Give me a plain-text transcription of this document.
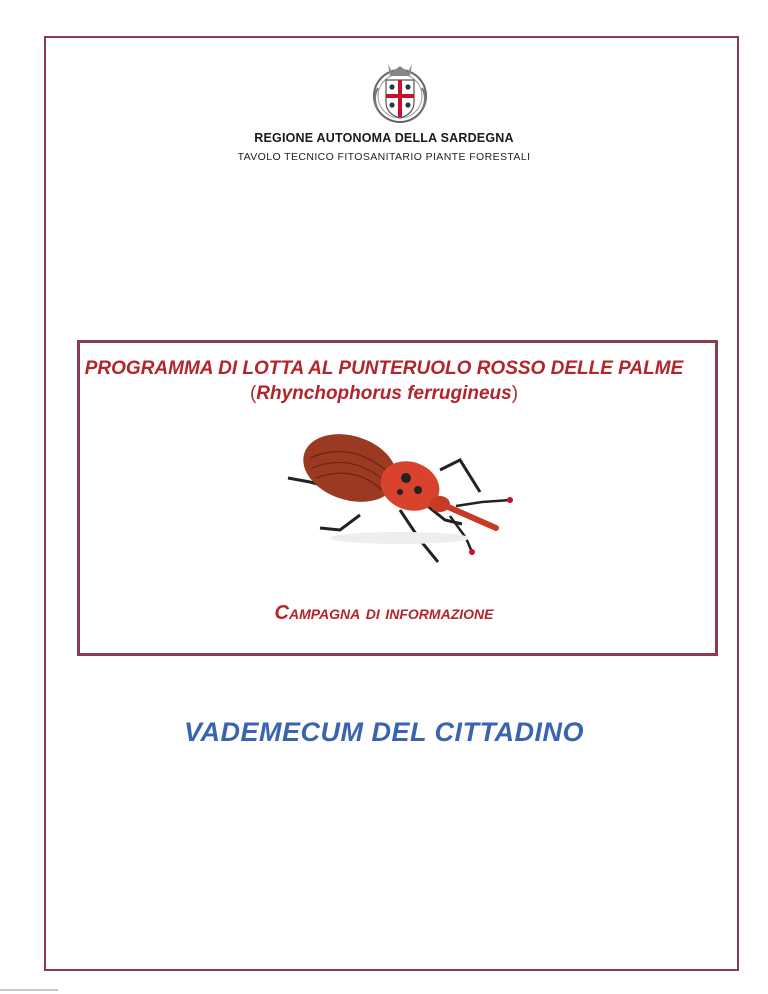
REGIONE AUTONOMA DELLA SARDEGNA
TAVOLO TECNICO FITOSANITARIO PIANTE FORESTALI
PROGRAMMA DI LOTTA AL PUNTERUOLO ROSSO DELLE PALME
(Rhynchophorus ferrugineus)
Campagna di informazione
VADEMECUM DEL CITTADINO
